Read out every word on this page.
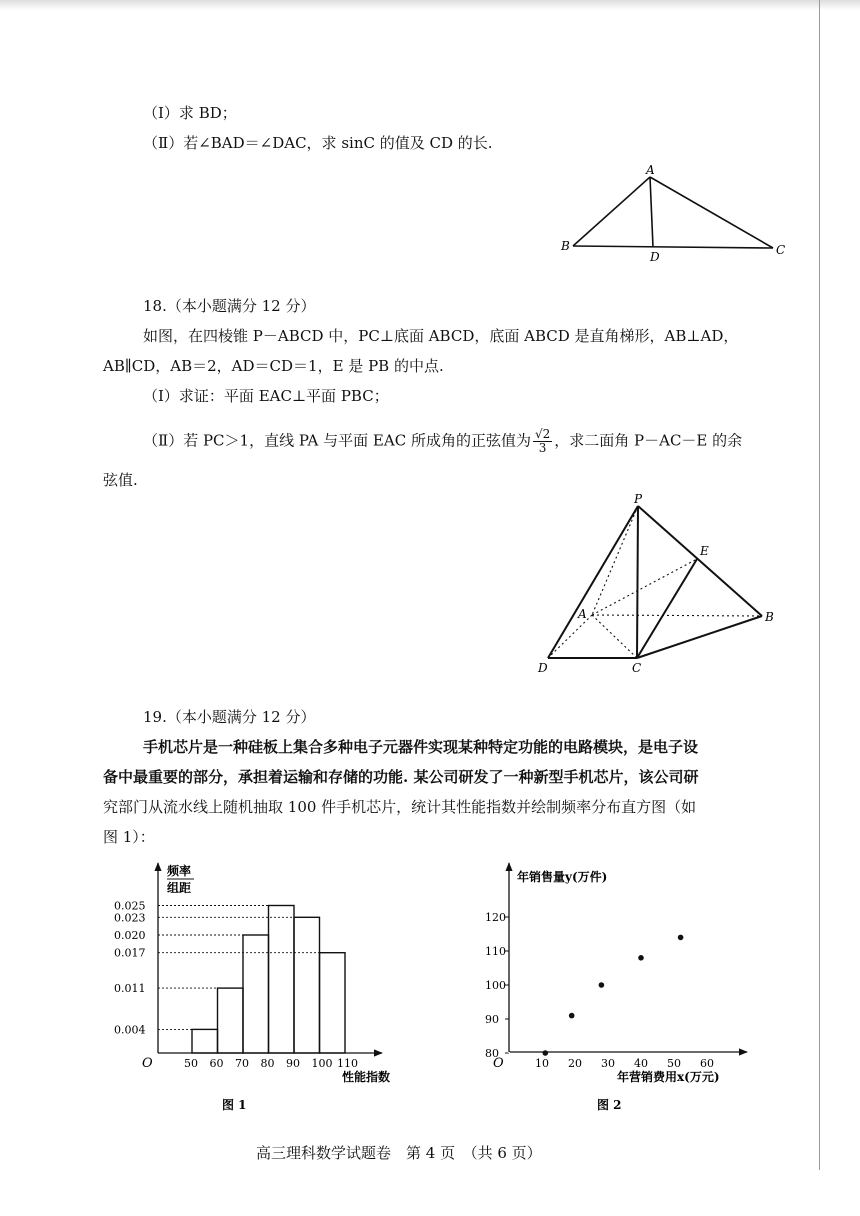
（Ⅰ）求 BD；
（Ⅱ）若∠BAD＝∠DAC，求 sinC 的值及 CD 的长.
A
B	C
D
18.（本小题满分 12 分）
如图，在四棱锥 P－ABCD 中，PC⊥底面 ABCD，底面 ABCD 是直角梯形，AB⊥AD，
AB∥CD，AB＝2，AD＝CD＝1，E 是 PB 的中点.
（Ⅰ）求证：平面 EAC⊥平面 PBC；
（Ⅱ）若 PC＞1，直线 PA 与平面 EAC 所成角的正弦值为 $\frac{√2}{3}$ ，求二面角 P－AC－E 的余
弦值.
P
E
A	B
C
D
19.（本小题满分 12 分）
手机芯片是一种硅板上集合多种电子元器件实现某种特定功能的电路模块，是电子设
备中最重要的部分，承担着运输和存储的功能. 某公司研发了一种新型手机芯片，该公司研
究部门从流水线上随机抽取 100 件手机芯片，统计其性能指数并绘制频率分布直方图（如
图 1）：
频率
组距
O
性能指数
图 1
0.004
0.011
0.017
0.020
0.023
0.025
50 60 70 80 90 100 110
年销售量y(万件)
O
年营销费用x(万元)
图 2
80
90
100
110
120
10 20 30 40 50 60
高三理科数学试题卷　第 4 页　（共 6 页）
